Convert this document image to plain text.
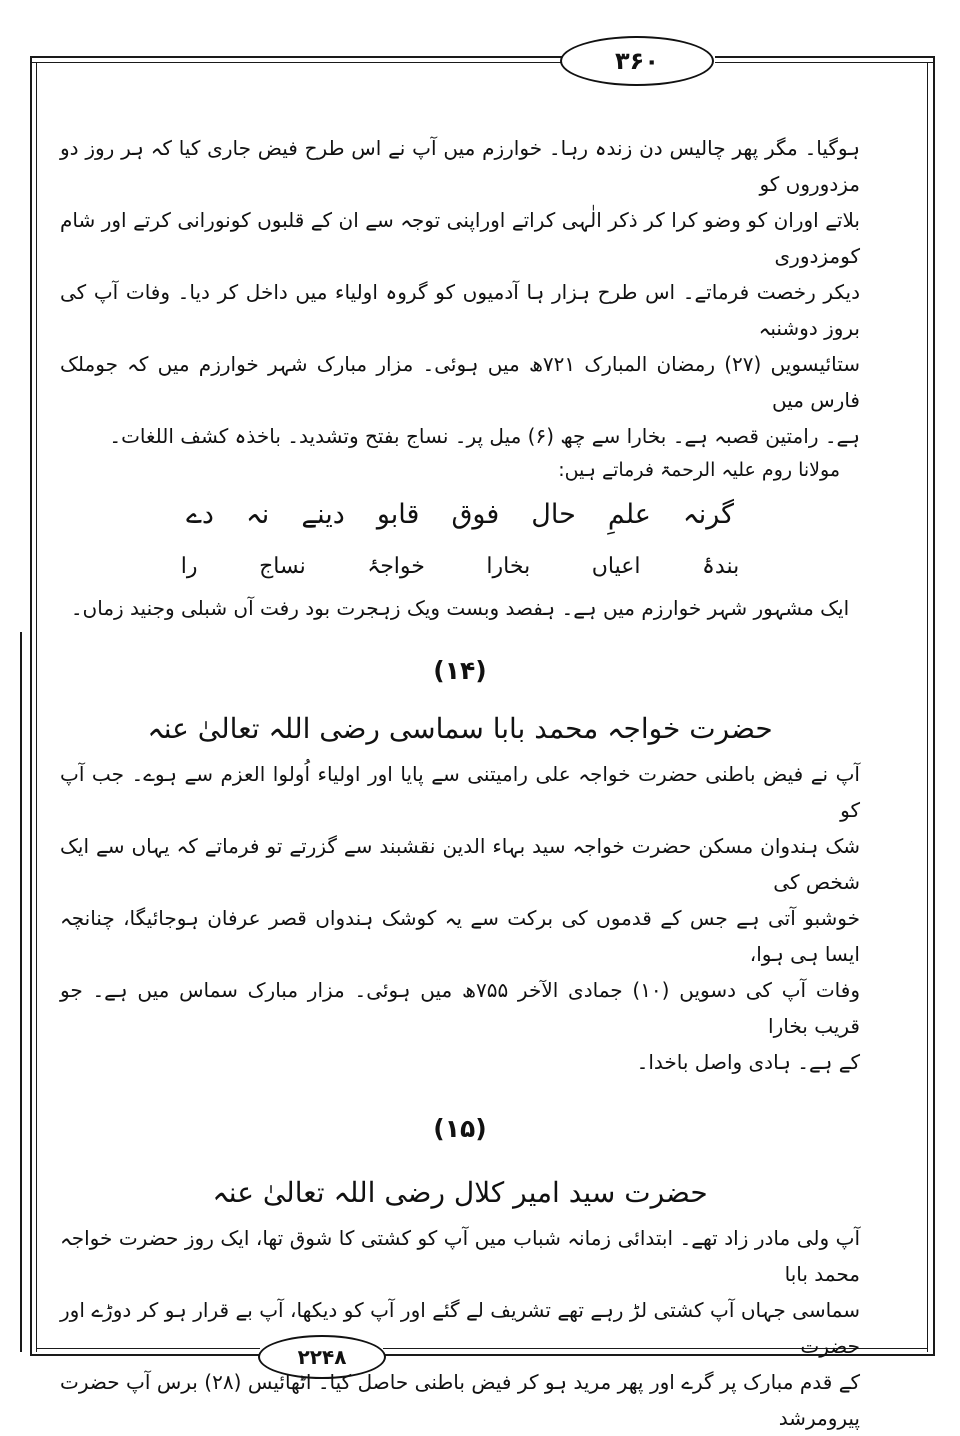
۳۶۰
۲۲۴۸

ہوگیا۔ مگر پھر چالیس دن زندہ رہا۔ خوارزم میں آپ نے اس طرح فیض جاری کیا کہ ہر روز دو مزدوروں کو

بلاتے اوران کو وضو کرا کر ذکر الٰہی کراتے اوراپنی توجہ سے ان کے قلبوں کونورانی کرتے اور شام کومزدوری

دیکر رخصت فرماتے۔ اس طرح ہزار ہا آدمیوں کو گروہ اولیاء میں داخل کر دیا۔ وفات آپ کی بروز دوشنبہ

ستائیسویں (۲۷) رمضان المبارک ۷۲۱ھ میں ہوئی۔ مزار مبارک شہر خوارزم میں کہ جوملک فارس میں

ہے۔ رامتین قصبہ ہے۔ بخارا سے چھ (۶) میل پر۔ نساج بفتح وتشدید۔ باخذہ کشف اللغات۔

مولانا روم علیہ الرحمۃ فرماتے ہیں:

گرنہ
علمِ
حال
فوق
قابو
دینے
نہ
دے
بندۂ
اعیاں
بخارا
خواجۂ
نساج
را

ایک مشہور شہر خوارزم میں ہے۔ ہفصد وبست ویک زہجرت بود رفت آں شبلی وجنید زماں۔

(۱۴)
حضرت خواجہ محمد بابا سماسی رضی اللہ تعالیٰ عنہ

آپ نے فیض باطنی حضرت خواجہ علی رامیتنی سے پایا اور اولیاء اُولوا العزم سے ہوے۔ جب آپ کو

شک ہندوان مسکن حضرت خواجہ سید بہاء الدین نقشبند سے گزرتے تو فرماتے کہ یہاں سے ایک شخص کی

خوشبو آتی ہے جس کے قدموں کی برکت سے یہ کوشک ہندواں قصر عرفان ہوجائیگا، چنانچہ ایسا ہی ہوا،

وفات آپ کی دسویں (۱۰) جمادی الآخر ۷۵۵ھ میں ہوئی۔ مزار مبارک سماس میں ہے۔ جو قریب بخارا

کے ہے۔ ہادی واصل باخدا۔

(۱۵)
حضرت سید امیر کلال رضی اللہ تعالیٰ عنہ

آپ ولی مادر زاد تھے۔ ابتدائی زمانہ شباب میں آپ کو کشتی کا شوق تھا، ایک روز حضرت خواجہ محمد بابا

سماسی جہاں آپ کشتی لڑ رہے تھے تشریف لے گئے اور آپ کو دیکھا، آپ بے قرار ہو کر دوڑے اور حضرت

کے قدم مبارک پر گرے اور پھر مرید ہو کر فیض باطنی حاصل کیا۔ اٹھائیس (۲۸) برس آپ حضرت پیرومرشد
